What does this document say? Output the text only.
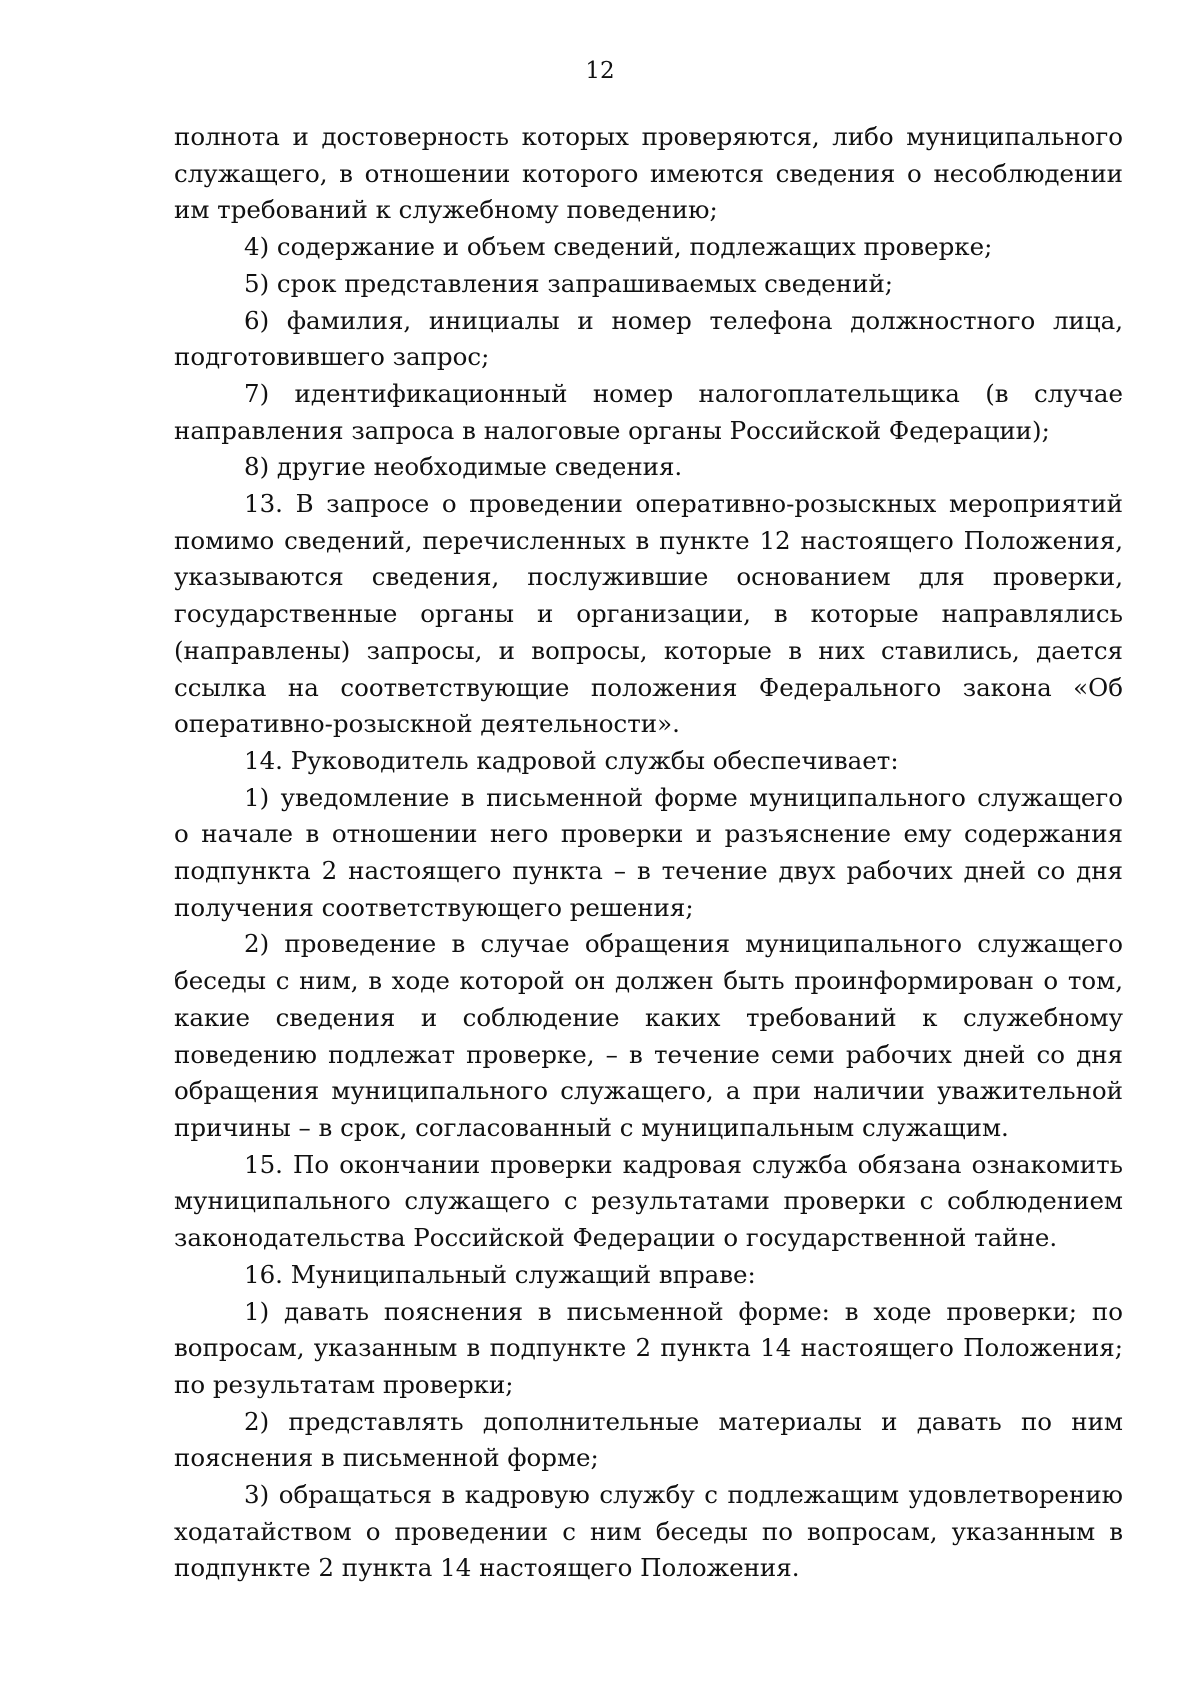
12

полнота и достоверность которых проверяются, либо муниципального служащего, в отношении которого имеются сведения о несоблюдении им требований к служебному поведению;

4) содержание и объем сведений, подлежащих проверке;

5) срок представления запрашиваемых сведений;

6) фамилия, инициалы и номер телефона должностного лица, подготовившего запрос;

7) идентификационный номер налогоплательщика (в случае направления запроса в налоговые органы Российской Федерации);

8) другие необходимые сведения.

13. В запросе о проведении оперативно-розыскных мероприятий помимо сведений, перечисленных в пункте 12 настоящего Положения, указываются сведения, послужившие основанием для проверки, государственные органы и организации, в которые направлялись (направлены) запросы, и вопросы, которые в них ставились, дается ссылка на соответствующие положения Федерального закона «Об оперативно-розыскной деятельности».

14. Руководитель кадровой службы обеспечивает:

1) уведомление в письменной форме муниципального служащего о начале в отношении него проверки и разъяснение ему содержания подпункта 2 настоящего пункта – в течение двух рабочих дней со дня получения соответствующего решения;

2) проведение в случае обращения муниципального служащего беседы с ним, в ходе которой он должен быть проинформирован о том, какие сведения и соблюдение каких требований к служебному поведению подлежат проверке, – в течение семи рабочих дней со дня обращения муниципального служащего, а при наличии уважительной причины – в срок, согласованный с муниципальным служащим.

15. По окончании проверки кадровая служба обязана ознакомить муниципального служащего с результатами проверки с соблюдением законодательства Российской Федерации о государственной тайне.

16. Муниципальный служащий вправе:

1) давать пояснения в письменной форме: в ходе проверки; по вопросам, указанным в подпункте 2 пункта 14 настоящего Положения; по результатам проверки;

2) представлять дополнительные материалы и давать по ним пояснения в письменной форме;

3) обращаться в кадровую службу с подлежащим удовлетворению ходатайством о проведении с ним беседы по вопросам, указанным в подпункте 2 пункта 14 настоящего Положения.
